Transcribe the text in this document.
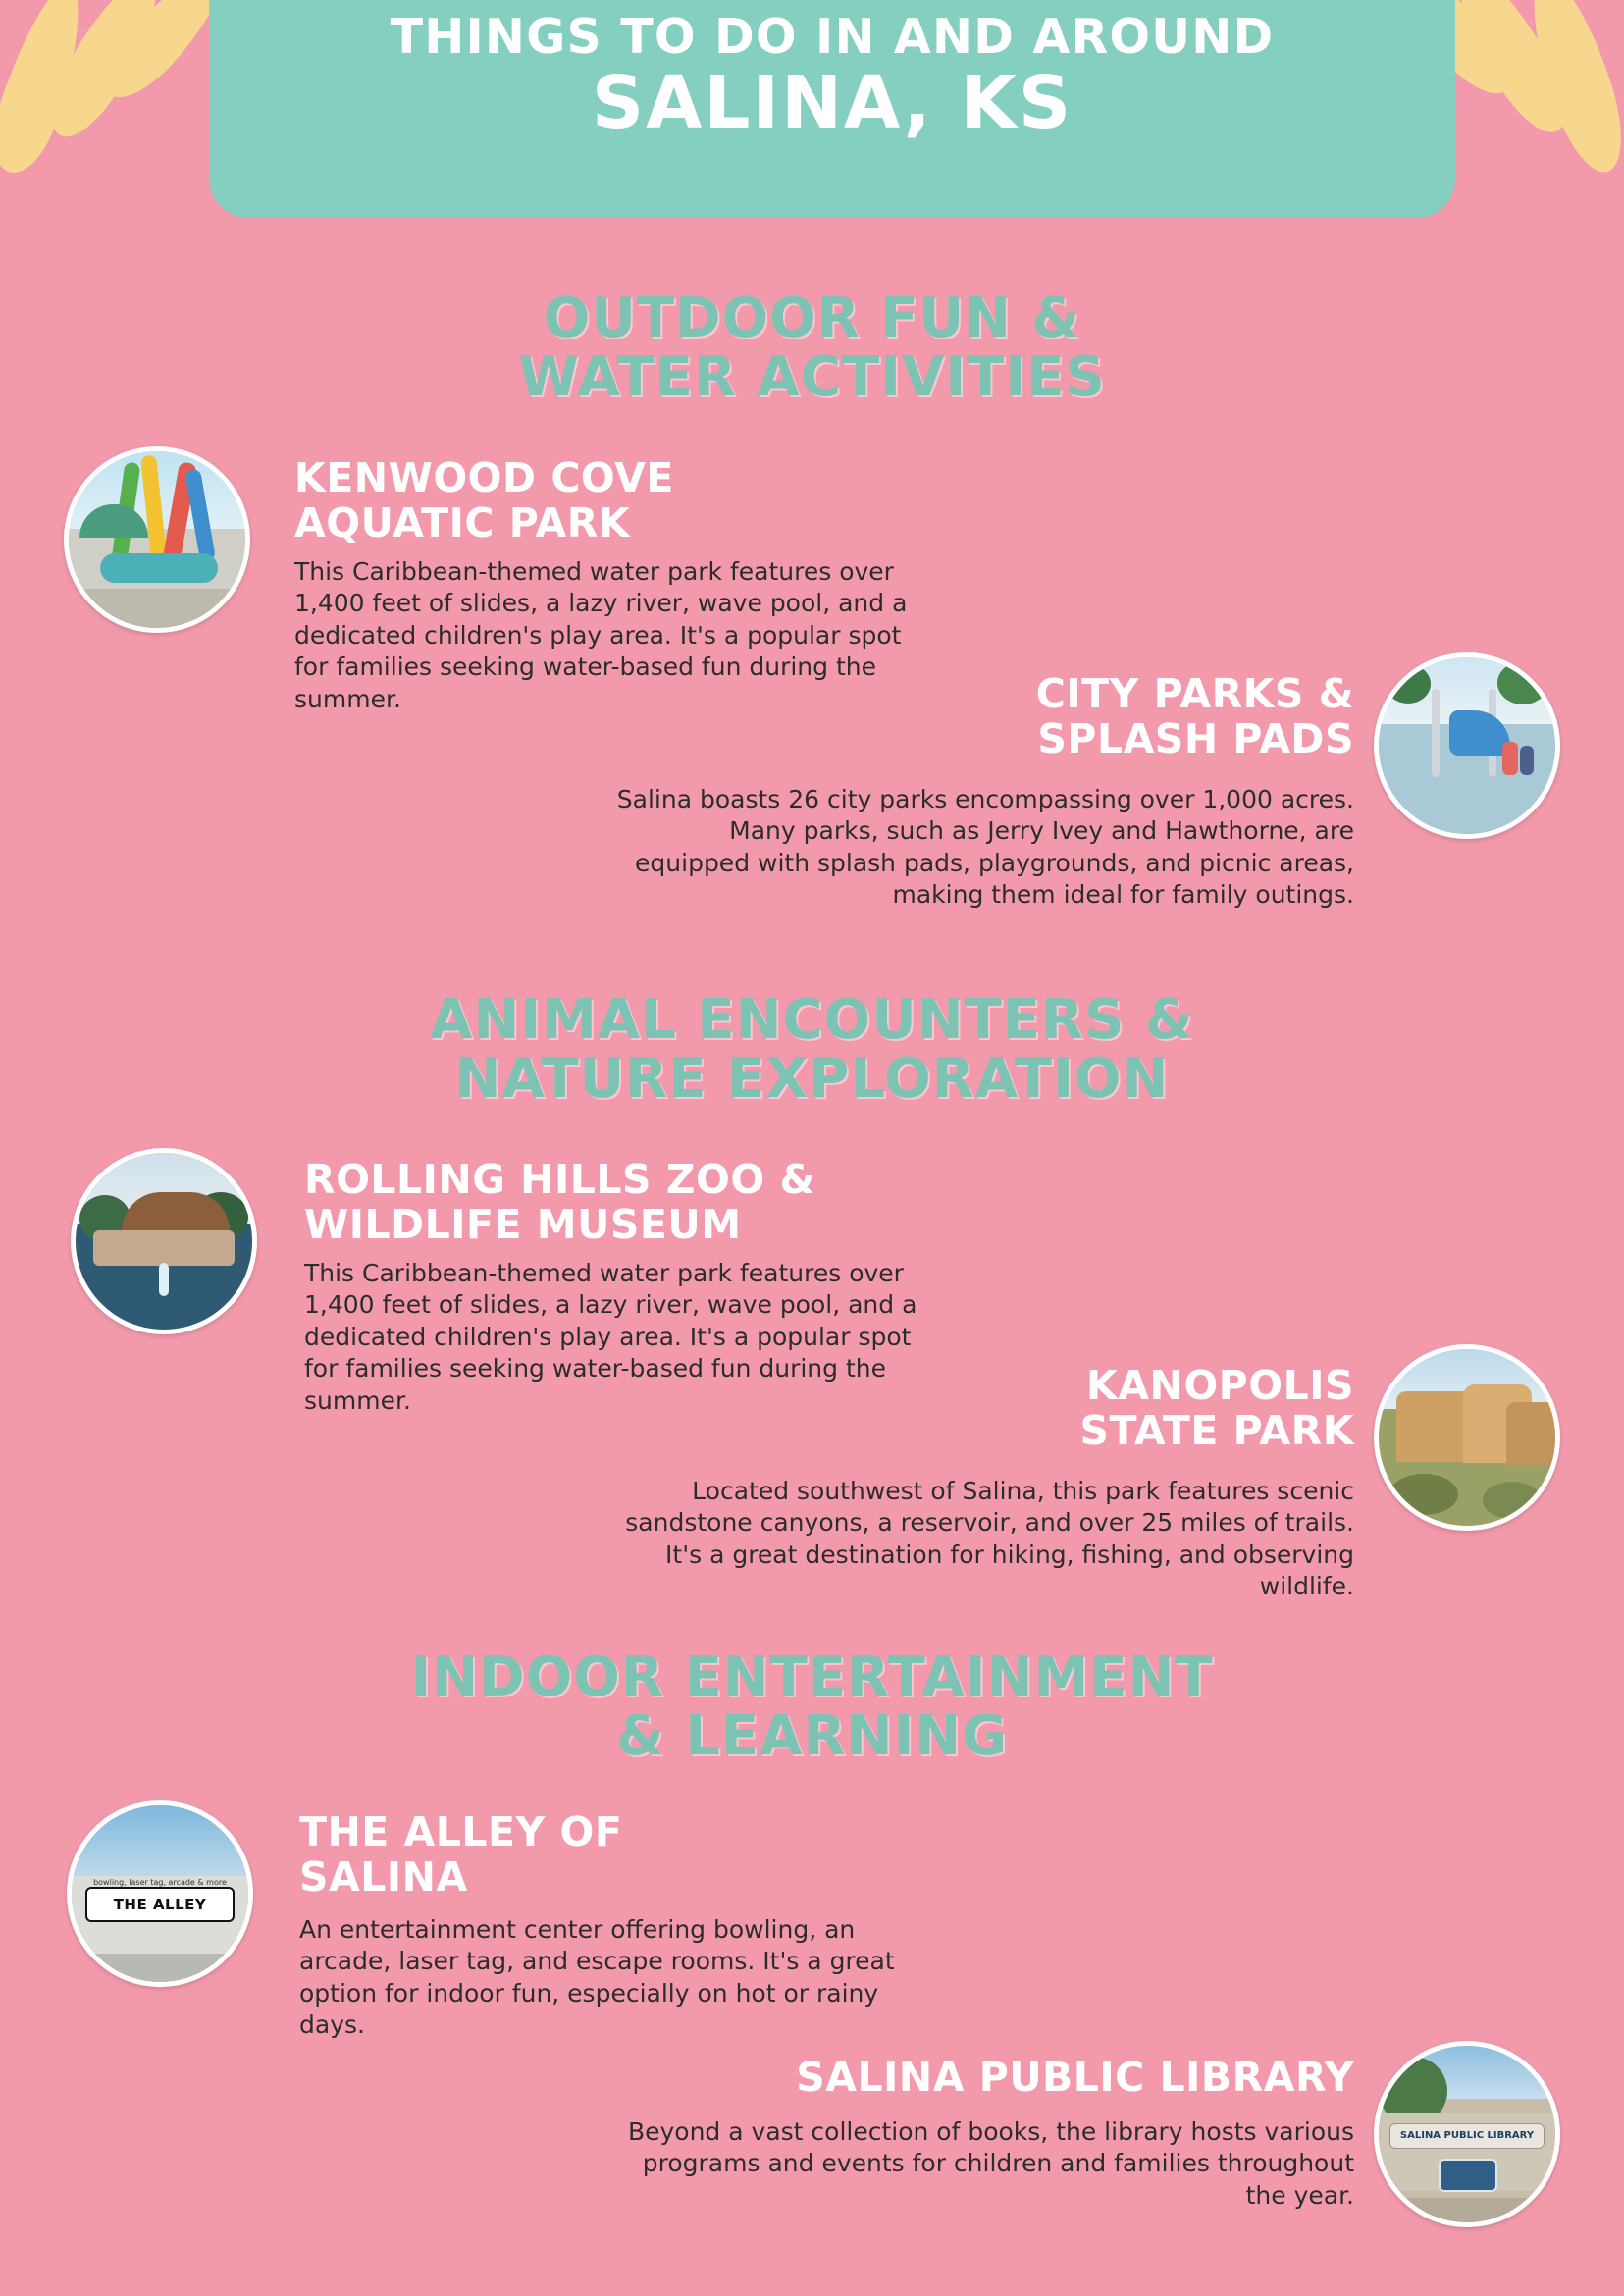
THINGS TO DO IN AND AROUND
SALINA, KS
OUTDOOR FUN &
WATER ACTIVITIES
KENWOOD COVE
AQUATIC PARK
This Caribbean-themed water park features over 1,400 feet of slides, a lazy river, wave pool, and a dedicated children's play area. It's a popular spot for families seeking water-based fun during the summer.	CITY PARKS &
SPLASH PADS
Salina boasts 26 city parks encompassing over 1,000 acres. Many parks, such as Jerry Ivey and Hawthorne, are equipped with splash pads, playgrounds, and picnic areas, making them ideal for family outings.
ANIMAL ENCOUNTERS &
NATURE EXPLORATION
ROLLING HILLS ZOO &
WILDLIFE MUSEUM
This Caribbean-themed water park features over 1,400 feet of slides, a lazy river, wave pool, and a dedicated children's play area. It's a popular spot for families seeking water-based fun during the summer.	KANOPOLIS
STATE PARK
Located southwest of Salina, this park features scenic sandstone canyons, a reservoir, and over 25 miles of trails. It's a great destination for hiking, fishing, and observing wildlife.
INDOOR ENTERTAINMENT
& LEARNING
THE ALLEY
bowling, laser tag, arcade & more
THE ALLEY OF
SALINA
An entertainment center offering bowling, an arcade, laser tag, and escape rooms. It's a great option for indoor fun, especially on hot or rainy days.
SALINA PUBLIC LIBRARY
SALINA PUBLIC LIBRARY
Beyond a vast collection of books, the library hosts various programs and events for children and families throughout the year.
